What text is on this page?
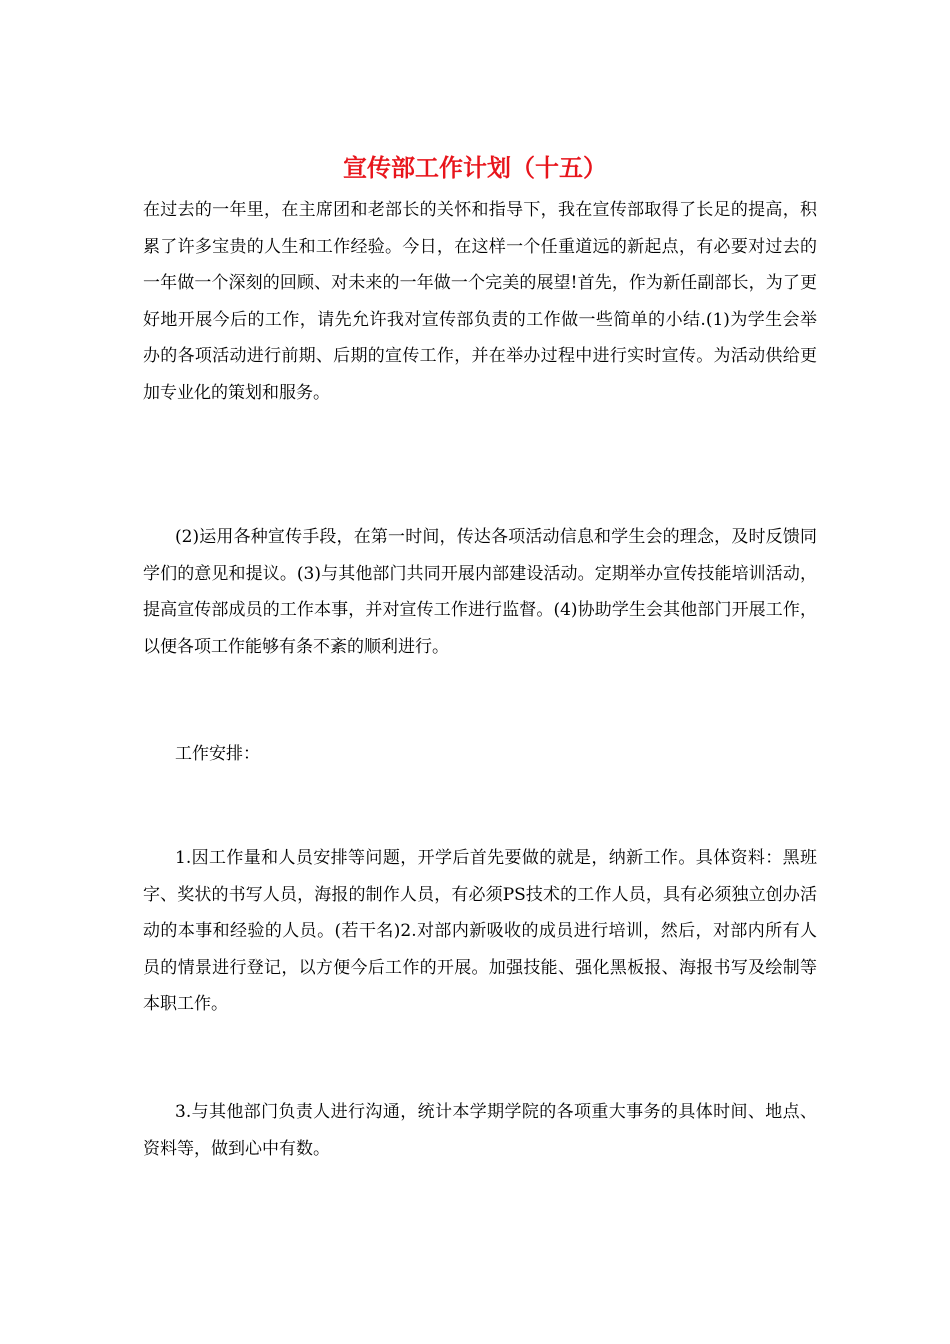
宣传部工作计划（十五）

在过去的一年里，在主席团和老部长的关怀和指导下，我在宣传部取得了长足的提高，积累了许多宝贵的人生和工作经验。今日，在这样一个任重道远的新起点，有必要对过去的一年做一个深刻的回顾、对未来的一年做一个完美的展望!首先，作为新任副部长，为了更好地开展今后的工作，请先允许我对宣传部负责的工作做一些简单的小结.(1)为学生会举办的各项活动进行前期、后期的宣传工作，并在举办过程中进行实时宣传。为活动供给更加专业化的策划和服务。

(2)运用各种宣传手段，在第一时间，传达各项活动信息和学生会的理念，及时反馈同学们的意见和提议。(3)与其他部门共同开展内部建设活动。定期举办宣传技能培训活动，提高宣传部成员的工作本事，并对宣传工作进行监督。(4)协助学生会其他部门开展工作，以便各项工作能够有条不紊的顺利进行。

工作安排：

1.因工作量和人员安排等问题，开学后首先要做的就是，纳新工作。具体资料：黑班字、奖状的书写人员，海报的制作人员，有必须PS技术的工作人员，具有必须独立创办活动的本事和经验的人员。(若干名)2.对部内新吸收的成员进行培训，然后，对部内所有人员的情景进行登记，以方便今后工作的开展。加强技能、强化黑板报、海报书写及绘制等本职工作。

3.与其他部门负责人进行沟通，统计本学期学院的各项重大事务的具体时间、地点、资料等，做到心中有数。
